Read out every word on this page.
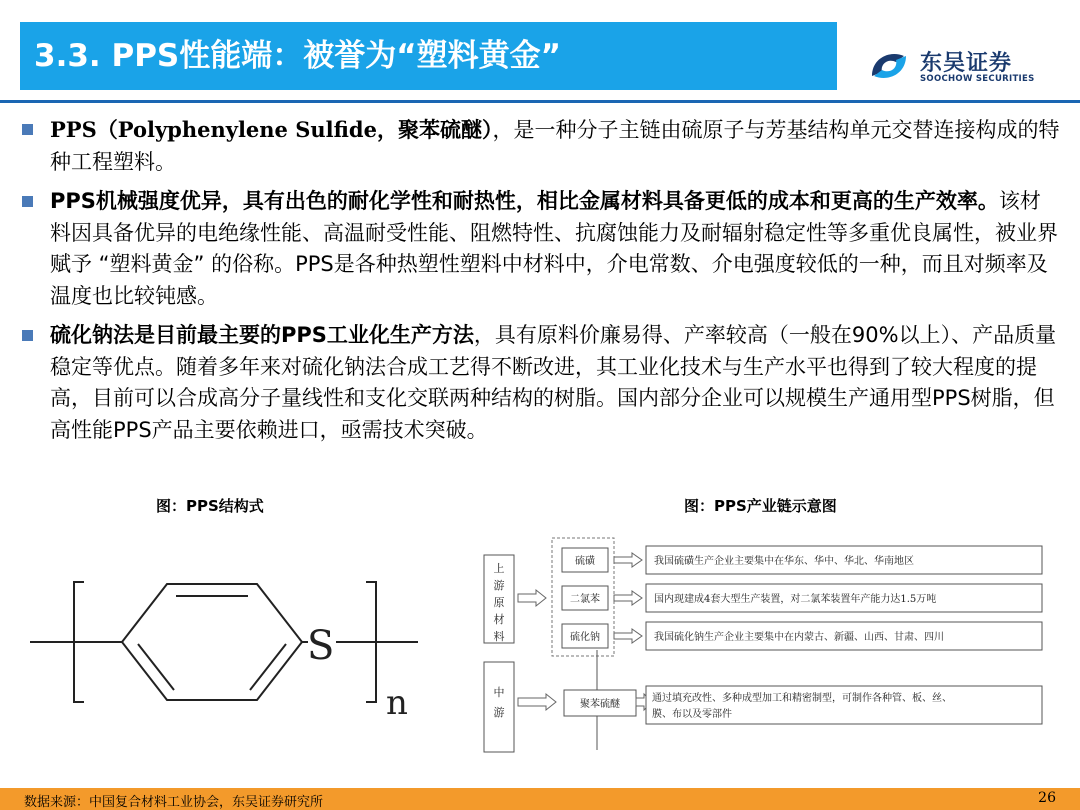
3.3. PPS性能端：被誉为“塑料黄金”	东吴证券
SOOCHOW SECURITIES
PPS（Polyphenylene Sulfide，聚苯硫醚），是一种分子主链由硫原子与芳基结构单元交替连接构成的特种工程塑料。
PPS机械强度优异，具有出色的耐化学性和耐热性，相比金属材料具备更低的成本和更高的生产效率。该材料因具备优异的电绝缘性能、高温耐受性能、阻燃特性、抗腐蚀能力及耐辐射稳定性等多重优良属性，被业界赋予 “塑料黄金” 的俗称。PPS是各种热塑性塑料中材料中，介电常数、介电强度较低的一种，而且对频率及温度也比较钝感。
硫化钠法是目前最主要的PPS工业化生产方法，具有原料价廉易得、产率较高（一般在90%以上）、产品质量稳定等优点。随着多年来对硫化钠法合成工艺得不断改进，其工业化技术与生产水平也得到了较大程度的提高，目前可以合成高分子量线性和支化交联两种结构的树脂。国内部分企业可以规模生产通用型PPS树脂，但高性能PPS产品主要依赖进口，亟需技术突破。
图：PPS结构式	图：PPS产业链示意图
S
n
上游原材料
硫磺
二氯苯
硫化钠
我国硫磺生产企业主要集中在华东、华中、华北、华南地区
国内现建成4套大型生产装置，对二氯苯装置年产能力达1.5万吨
我国硫化钠生产企业主要集中在内蒙古、新疆、山西、甘肃、四川
中游
聚苯硫醚
通过填充改性、多种成型加工和精密制型，可制作各种管、板、丝、
膜、布以及零部件
数据来源：中国复合材料工业协会，东吴证券研究所	26
